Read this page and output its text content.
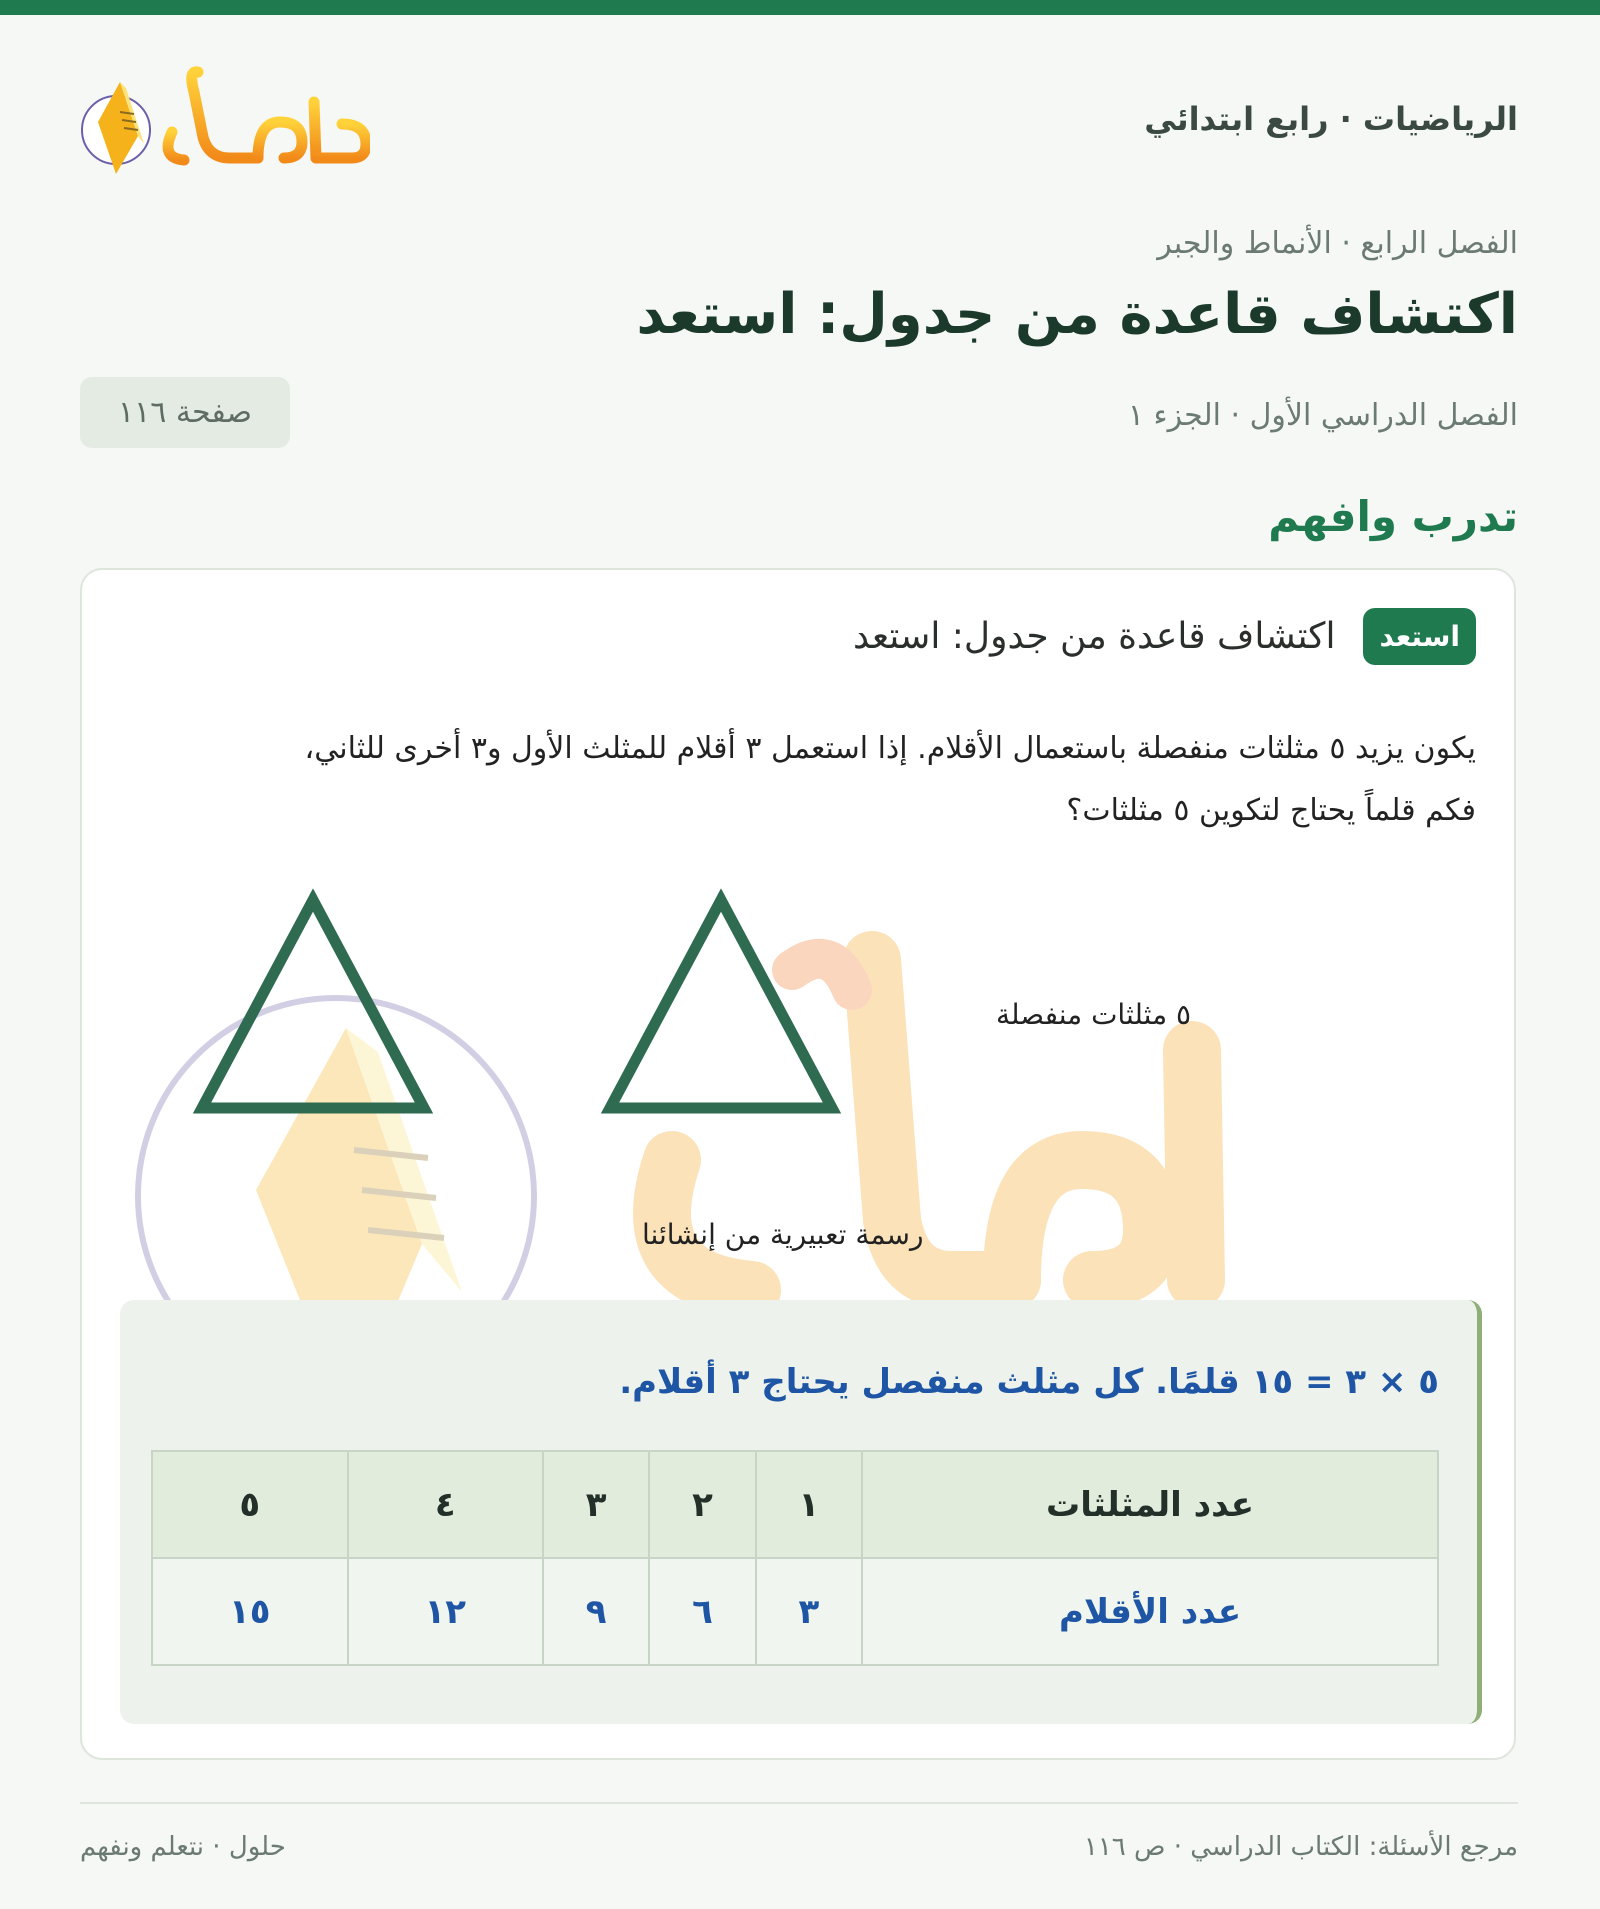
الرياضيات · رابع ابتدائي
الفصل الرابع · الأنماط والجبر
اكتشاف قاعدة من جدول: استعد
الفصل الدراسي الأول · الجزء ١
صفحة ١١٦
تدرب وافهم
استعد
اكتشاف قاعدة من جدول: استعد

يكون يزيد ٥ مثلثات منفصلة باستعمال الأقلام. إذا استعمل ٣ أقلام للمثلث الأول و٣ أخرى للثاني،
فكم قلماً يحتاج لتكوين ٥ مثلثات؟

٥ مثلثات منفصلة
رسمة تعبيرية من إنشائنا

٥ × ٣ = ١٥ قلمًا. كل مثلث منفصل يحتاج ٣ أقلام.

عدد المثلثات	١	٢	٣	٤	٥
عدد الأقلام	٣	٦	٩	١٢	١٥
مرجع الأسئلة: الكتاب الدراسي · ص ١١٦
حلول · نتعلم ونفهم
